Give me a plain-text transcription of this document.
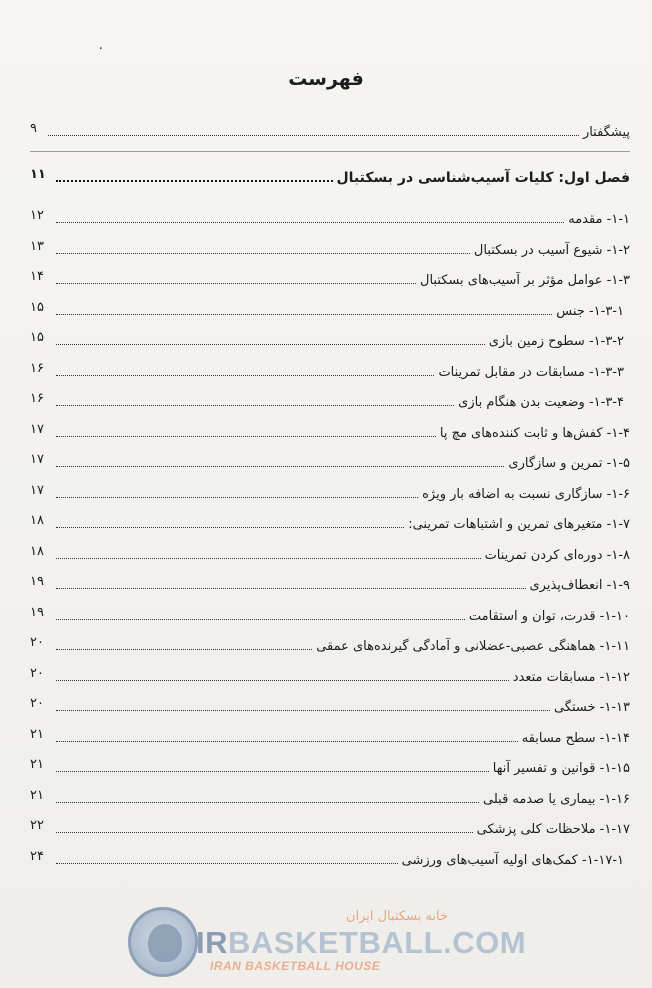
٠
فهرست
پیشگفتار
۹
فصل اول: کلیات آسیب‌شناسی در بسکتبال
۱۱
۱-۱- مقدمه
۱۲
۱-۲- شیوع آسیب در بسکتبال
۱۳
۱-۳- عوامل مؤثر بر آسیب‌های بسکتبال
۱۴
۱-۳-۱- جنس
۱۵
۱-۳-۲- سطوح زمین بازی
۱۵
۱-۳-۳- مسابقات در مقابل تمرینات
۱۶
۱-۳-۴- وضعیت بدن هنگام بازی
۱۶
۱-۴- کفش‌ها و ثابت کننده‌های مچ پا
۱۷
۱-۵- تمرین و سازگاری
۱۷
۱-۶- سازگاری نسبت به اضافه بار ویژه
۱۷
۱-۷- متغیرهای تمرین و اشتباهات تمرینی:
۱۸
۱-۸- دوره‌ای کردن تمرینات
۱۸
۱-۹- انعطاف‌پذیری
۱۹
۱-۱۰- قدرت، توان و استقامت
۱۹
۱-۱۱- هماهنگی عصبی-عضلانی و آمادگی گیرنده‌های عمقی
۲۰
۱-۱۲- مسابقات متعدد
۲۰
۱-۱۳- خستگی
۲۰
۱-۱۴- سطح مسابقه
۲۱
۱-۱۵- قوانین و تفسیر آنها
۲۱
۱-۱۶- بیماری یا صدمه قبلی
۲۱
۱-۱۷- ملاحظات کلی پزشکی
۲۲
۱-۱۷-۱- کمک‌های اولیه آسیب‌های ورزشی
۲۴
خانه بسکتبال ایران
IRBASKETBALL.COM
IRAN BASKETBALL HOUSE
